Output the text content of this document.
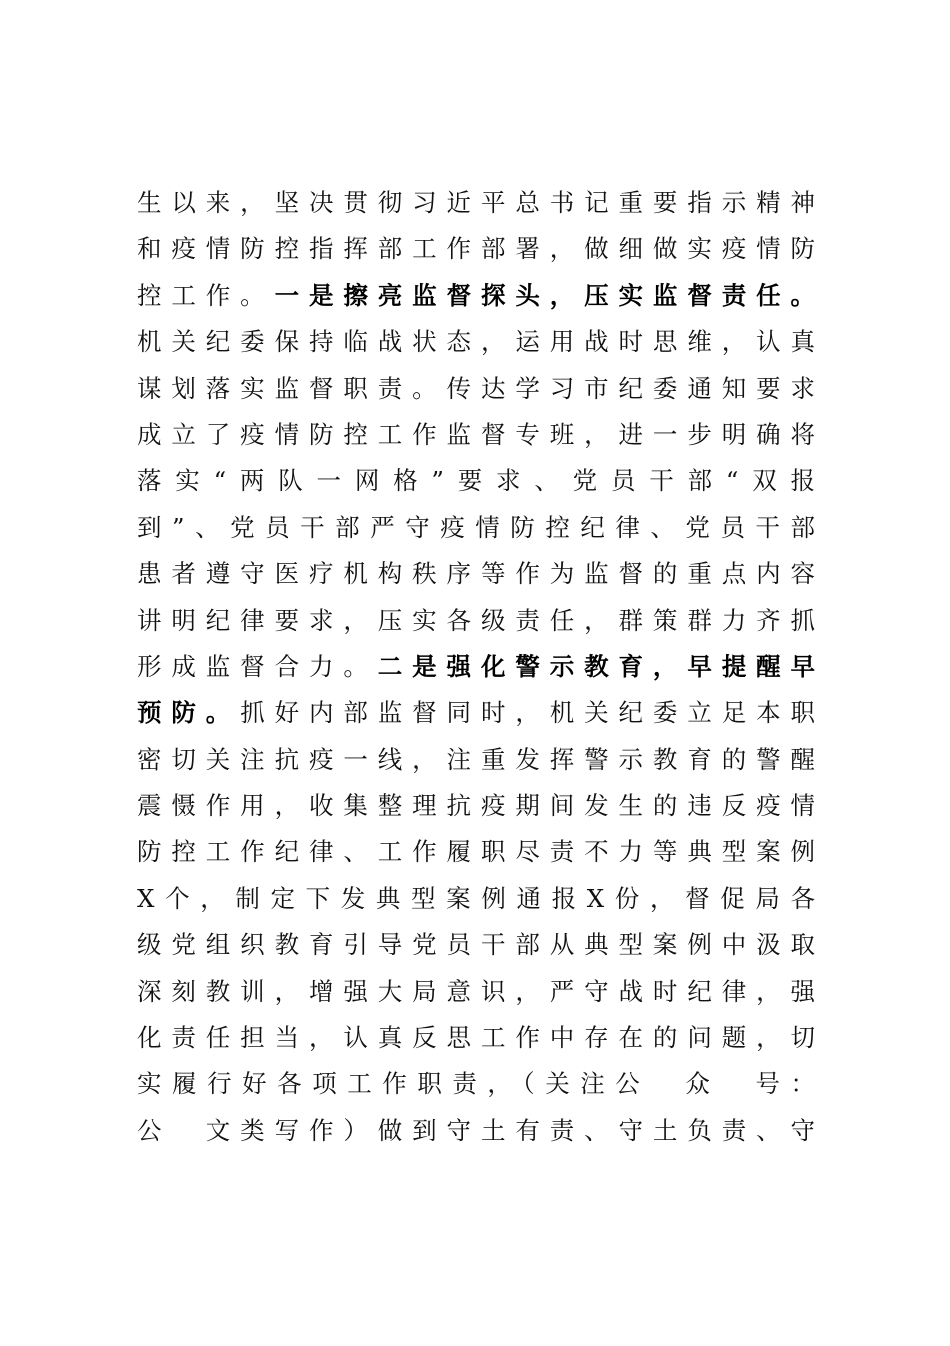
生以来，坚决贯彻习近平总书记重要指示精神
和疫情防控指挥部工作部署，做细做实疫情防
控工作。一是擦亮监督探头，压实监督责任。
机关纪委保持临战状态，运用战时思维，认真
谋划落实监督职责。传达学习市纪委通知要求
成立了疫情防控工作监督专班，进一步明确将
落实“两队一网格”要求、党员干部“双报
到”、党员干部严守疫情防控纪律、党员干部
患者遵守医疗机构秩序等作为监督的重点内容
讲明纪律要求，压实各级责任，群策群力齐抓
形成监督合力。二是强化警示教育，早提醒早
预防。抓好内部监督同时，机关纪委立足本职
密切关注抗疫一线，注重发挥警示教育的警醒
震慑作用，收集整理抗疫期间发生的违反疫情
防控工作纪律、工作履职尽责不力等典型案例
X个，制定下发典型案例通报X份，督促局各
级党组织教育引导党员干部从典型案例中汲取
深刻教训，增强大局意识，严守战时纪律，强
化责任担当，认真反思工作中存在的问题，切
实履行好各项工作职责，（关注公　众　号：
公　文类写作）做到守土有责、守土负责、守
